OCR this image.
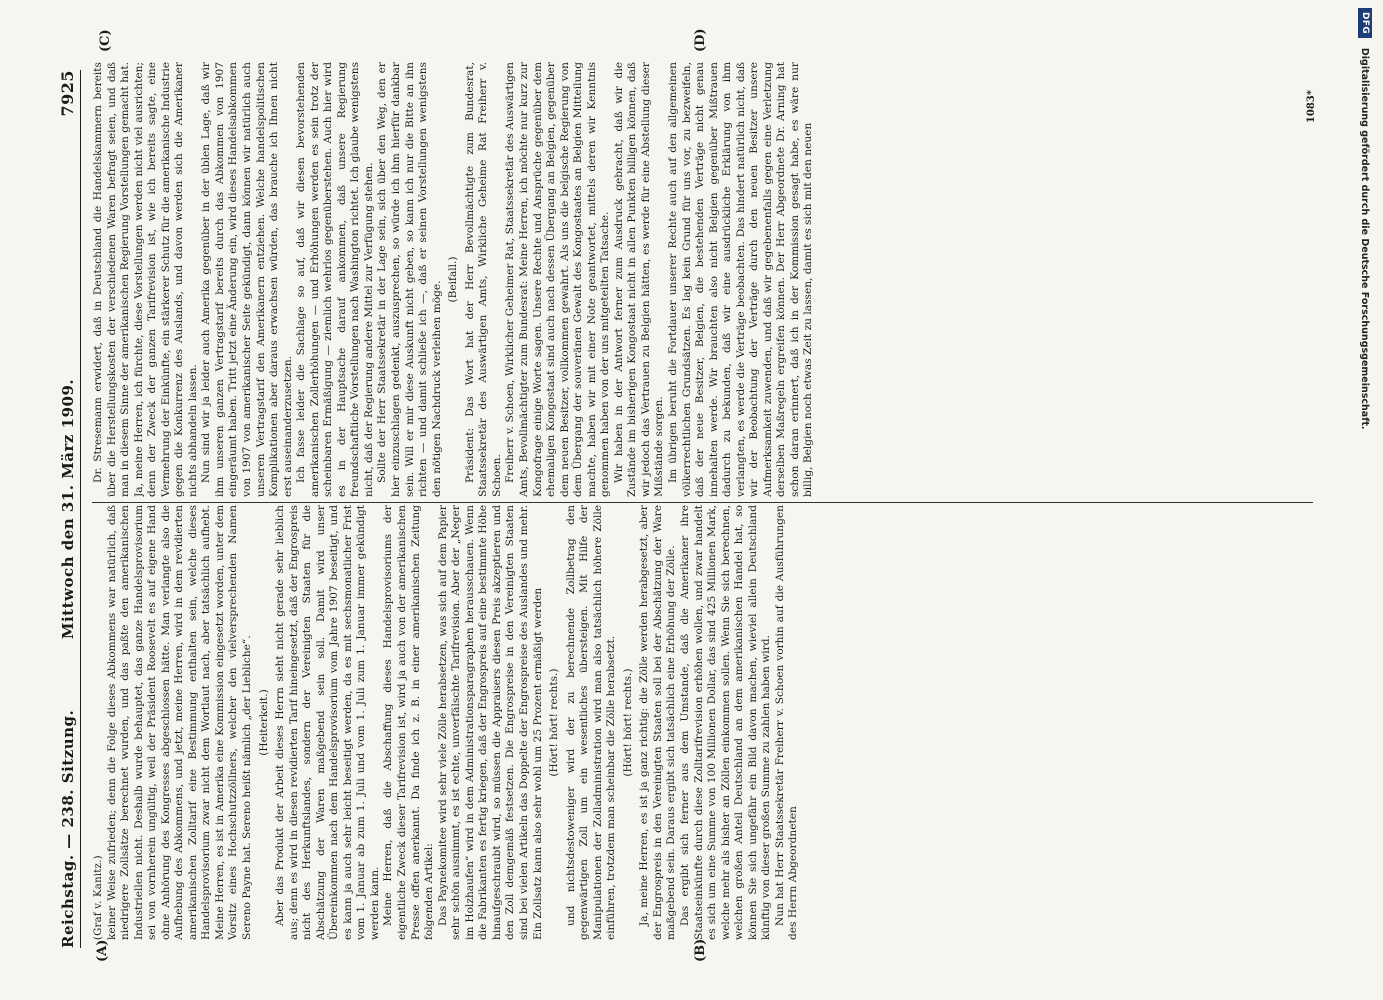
Reichstag. — 238. Sitzung.
Mittwoch den 31. März 1909.
7925
(A)	(B)
(C)	(D)

(Graf v. Kanitz.) keiner Weise zufrieden; denn die Folge dieses Abkommens war natürlich, daß niedrigere Zollsätze berechnet wurden, und das paßte den amerikanischen Industriellen nicht. Deshalb wurde behauptet, das ganze Handelsprovisorium sei von vornherein ungültig, weil der Präsident Roosevelt es auf eigene Hand ohne Anhörung des Kongresses abgeschlossen hätte. Man verlangte also die Aufhebung des Abkommens, und jetzt, meine Herren, wird in dem revidierten amerikanischen Zolltarif eine Bestimmung enthalten sein, welche dieses Handelsprovisorium zwar nicht dem Wortlaut nach, aber tatsächlich aufhebt. Meine Herren, es ist in Amerika eine Kommission eingesetzt worden, unter dem Vorsitz eines Hochschutzzöllners, welcher den vielversprechenden Namen Sereno Payne hat. Sereno heißt nämlich „der Liebliche“. (Heiterkeit.) Aber das Produkt der Arbeit dieses Herrn sieht nicht gerade sehr lieblich aus; denn es wird in diesen revidierten Tarif hineingesetzt, daß der Engrospreis nicht des Herkunftslandes, sondern der Vereinigten Staaten für die Abschätzung der Waren maßgebend sein soll. Damit wird unser Übereinkommen nach dem Handelsprovisorium vom Jahre 1907 beseitigt, und es kann ja auch sehr leicht beseitigt werden, da es mit sechsmonatlicher Frist vom 1. Januar ab zum 1. Juli und vom 1. Juli zum 1. Januar immer gekündigt werden kann. Meine Herren, daß die Abschaffung dieses Handelsprovisoriums der eigentliche Zweck dieser Tarifrevision ist, wird ja auch von der amerikanischen Presse offen anerkannt. Da finde ich z. B. in einer amerikanischen Zeitung folgenden Artikel: Das Paynekomitee wird sehr viele Zölle herabsetzen, was sich auf dem Papier sehr schön ausnimmt, es ist echte, unverfälschte Tarifrevision. Aber der „Neger im Holzhaufen“ wird in dem Administrationsparagraphen herausschauen. Wenn die Fabrikanten es fertig kriegen, daß der Engrospreis auf eine bestimmte Höhe hinaufgeschraubt wird, so müssen die Appraisers diesen Preis akzeptieren und den Zoll demgemäß festsetzen. Die Engrospreise in den Vereinigten Staaten sind bei vielen Artikeln das Doppelte der Engrospreise des Auslandes und mehr. Ein Zollsatz kann also sehr wohl um 25 Prozent ermäßigt werden (Hört! hört! rechts.) und nichtsdestoweniger wird der zu berechnende Zollbetrag den gegenwärtigen Zoll um ein wesentliches übersteigen. Mit Hilfe der Manipulationen der Zolladministration wird man also tatsächlich höhere Zölle einführen, trotzdem man scheinbar die Zölle herabsetzt. (Hört! hört! rechts.) Ja, meine Herren, es ist ja ganz richtig: die Zölle werden herabgesetzt, aber der Engrospreis in den Vereinigten Staaten soll bei der Abschätzung der Ware maßgebend sein. Daraus ergibt sich tatsächlich eine Erhöhung der Zölle. Das ergibt sich ferner aus dem Umstande, daß die Amerikaner ihre Staatseinkünfte durch diese Zolltarifrevision erhöhen wollen, und zwar handelt es sich um eine Summe von 100 Millionen Dollar, das sind 425 Millionen Mark, welche mehr als bisher an Zöllen einkommen sollen. Wenn Sie sich berechnen, welchen großen Anteil Deutschland an dem amerikanischen Handel hat, so können Sie sich ungefähr ein Bild davon machen, wieviel allein Deutschland künftig von dieser großen Summe zu zahlen haben wird. Nun hat Herr Staatssekretär Freiherr v. Schoen vorhin auf die Ausführungen des Herrn Abgeordneten

Dr. Stresemann erwidert, daß in Deutschland die Handelskammern bereits über die Herstellungskosten der verschiedenen Waren befragt seien, und daß man in diesem Sinne der amerikanischen Regierung Vorstellungen gemacht hat. Ja, meine Herren, ich fürchte, diese Vorstellungen werden nicht viel ausrichten; denn der Zweck der ganzen Tarifrevision ist, wie ich bereits sagte, eine Vermehrung der Einkünfte, ein stärkerer Schutz für die amerikanische Industrie gegen die Konkurrenz des Auslands, und davon werden sich die Amerikaner nichts abhandeln lassen. Nun sind wir ja leider auch Amerika gegenüber in der üblen Lage, daß wir ihm unseren ganzen Vertragstarif bereits durch das Abkommen von 1907 eingeräumt haben. Tritt jetzt eine Änderung ein, wird dieses Handelsabkommen von 1907 von amerikanischer Seite gekündigt, dann können wir natürlich auch unseren Vertragstarif den Amerikanern entziehen. Welche handelspolitischen Komplikationen aber daraus erwachsen würden, das brauche ich Ihnen nicht erst auseinanderzusetzen. Ich fasse leider die Sachlage so auf, daß wir diesen bevorstehenden amerikanischen Zollerhöhungen — und Erhöhungen werden es sein trotz der scheinbaren Ermäßigung — ziemlich wehrlos gegenüberstehen. Auch hier wird es in der Hauptsache darauf ankommen, daß unsere Regierung freundschaftliche Vorstellungen nach Washington richtet. Ich glaube wenigstens nicht, daß der Regierung andere Mittel zur Verfügung stehen. Sollte der Herr Staatssekretär in der Lage sein, sich über den Weg, den er hier einzuschlagen gedenkt, auszusprechen, so würde ich ihm hierfür dankbar sein. Will er mir diese Auskunft nicht geben, so kann ich nur die Bitte an ihn richten — und damit schließe ich —, daß er seinen Vorstellungen wenigstens den nötigen Nachdruck verleihen möge.

(Beifall.) Präsident: Das Wort hat der Herr Bevollmächtigte zum Bundesrat, Staatssekretär des Auswärtigen Amts, Wirkliche Geheime Rat Freiherr v. Schoen. Freiherr v. Schoen, Wirklicher Geheimer Rat, Staatssekretär des Auswärtigen Amts, Bevollmächtigter zum Bundesrat: Meine Herren, ich möchte nur kurz zur Kongofrage einige Worte sagen. Unsere Rechte und Ansprüche gegenüber dem ehemaligen Kongostaat sind auch nach dessen Übergang an Belgien, gegenüber dem neuen Besitzer, vollkommen gewahrt. Als uns die belgische Regierung von dem Übergang der souveränen Gewalt des Kongostaates an Belgien Mitteilung machte, haben wir mit einer Note geantwortet, mittels deren wir Kenntnis genommen haben von der uns mitgeteilten Tatsache. Wir haben in der Antwort ferner zum Ausdruck gebracht, daß wir die Zustände im bisherigen Kongostaat nicht in allen Punkten billigen können, daß wir jedoch das Vertrauen zu Belgien hätten, es werde für eine Abstellung dieser Mißstände sorgen. Im übrigen beruht die Fortdauer unserer Rechte auch auf den allgemeinen völkerrechtlichen Grundsätzen. Es lag kein Grund für uns vor, zu bezweifeln, daß der neue Besitzer, Belgien, die bestehenden Verträge nicht genau innehalten werde. Wir brauchten also nicht Belgien gegenüber Mißtrauen dadurch zu bekunden, daß wir eine ausdrückliche Erklärung von ihm verlangten, es werde die Verträge beobachten. Das hindert natürlich nicht, daß wir der Beobachtung der Verträge durch den neuen Besitzer unsere Aufmerksamkeit zuwenden, und daß wir gegebenenfalls gegen eine Verletzung derselben Maßregeln ergreifen können. Der Herr Abgeordnete Dr. Arning hat schon daran erinnert, daß ich in der Kommission gesagt habe, es wäre nur billig, Belgien noch etwas Zeit zu lassen, damit es sich mit den neuen

1083*
DFG
Digitalisierung gefördert durch die Deutsche Forschungsgemeinschaft.
